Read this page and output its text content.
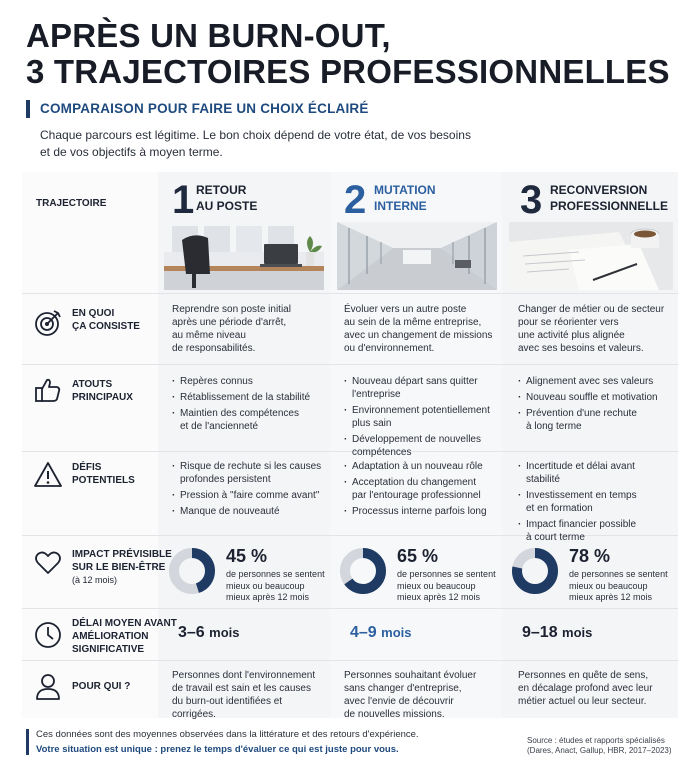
APRÈS UN BURN-OUT,
3 TRAJECTOIRES PROFESSIONNELLES
COMPARAISON POUR FAIRE UN CHOIX ÉCLAIRÉ
Chaque parcours est légitime. Le bon choix dépend de votre état, de vos besoins
et de vos objectifs à moyen terme.
TRAJECTOIRE 1 RETOUR
AU POSTE 2 MUTATION
INTERNE 3 RECONVERSION
PROFESSIONNELLE
EN QUOI
ÇA CONSISTE
ATOUTS
PRINCIPAUX
DÉFIS
POTENTIELS
IMPACT PRÉVISIBLE
SUR LE BIEN-ÊTRE
(à 12 mois)
DÉLAI MOYEN AVANT
AMÉLIORATION
SIGNIFICATIVE
POUR QUI ?
Reprendre son poste initial
après une période d'arrêt,
au même niveau
de responsabilités.
Évoluer vers un autre poste
au sein de la même entreprise,
avec un changement de missions
ou d'environnement.
Changer de métier ou de secteur
pour se réorienter vers
une activité plus alignée
avec ses besoins et valeurs.
· Repères connus
· Rétablissement de la stabilité
· Maintien des compétences
et de l'ancienneté
· Nouveau départ sans quitter
l'entreprise
· Environnement potentiellement
plus sain
· Développement de nouvelles
compétences
· Alignement avec ses valeurs
· Nouveau souffle et motivation
· Prévention d'une rechute
à long terme
· Risque de rechute si les causes
profondes persistent
· Pression à "faire comme avant"
· Manque de nouveauté
· Adaptation à un nouveau rôle
· Acceptation du changement
par l'entourage professionnel
· Processus interne parfois long
· Incertitude et délai avant
stabilité
· Investissement en temps
et en formation
· Impact financier possible
à court terme
45 %
de personnes se sentent
mieux ou beaucoup
mieux après 12 mois
65 %
de personnes se sentent
mieux ou beaucoup
mieux après 12 mois
78 %
de personnes se sentent
mieux ou beaucoup
mieux après 12 mois
3–6 mois	4–9 mois	9–18 mois
Personnes dont l'environnement
de travail est sain et les causes
du burn-out identifiées et corrigées.
Personnes souhaitant évoluer
sans changer d'entreprise,
avec l'envie de découvrir
de nouvelles missions.
Personnes en quête de sens,
en décalage profond avec leur
métier actuel ou leur secteur.
Ces données sont des moyennes observées dans la littérature et des retours d'expérience.
Votre situation est unique : prenez le temps d'évaluer ce qui est juste pour vous.
Source : études et rapports spécialisés
(Dares, Anact, Gallup, HBR, 2017–2023)
